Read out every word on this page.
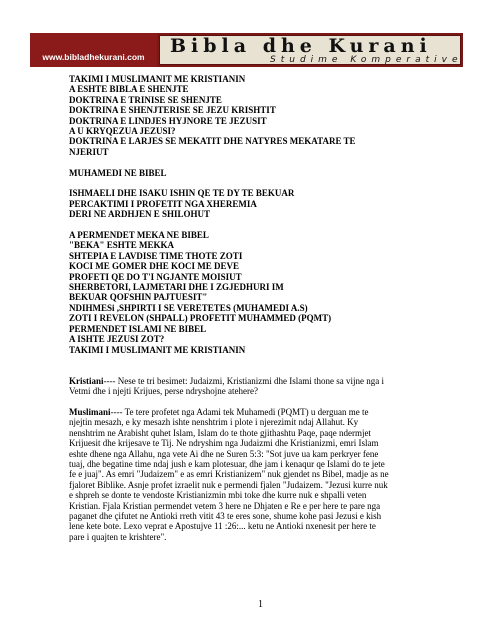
www.bibladhekurani.com Bibla dhe Kurani
Studime Komperative
TAKIMI I MUSLIMANIT ME KRISTIANIN
A ESHTE BIBLA E SHENJTE
DOKTRINA E TRINISE SE SHENJTE
DOKTRINA E SHENJTERISE SE JEZU KRISHTIT
DOKTRINA E LINDJES HYJNORE TE JEZUSIT
A U KRYQEZUA JEZUSI?
DOKTRINA E LARJES SE MEKATIT DHE NATYRES MEKATARE TE
NJERIUT
MUHAMEDI NE BIBEL
ISHMAELI DHE ISAKU ISHIN QE TE DY TE BEKUAR
PERCAKTIMI I PROFETIT NGA XHEREMIA
DERI NE ARDHJEN E SHILOHUT
A PERMENDET MEKA NE BIBEL
"BEKA" ESHTE MEKKA
SHTEPIA E LAVDISE TIME THOTE ZOTI
KOCI ME GOMER DHE KOCI ME DEVE
PROFETI QE DO T'I NGJANTE MOISIUT
SHERBETORI, LAJMETARI DHE I ZGJEDHURI IM
BEKUAR QOFSHIN PAJTUESIT"
NDIHMESi ,SHPIRTI I SE VERETETES (MUHAMEDI A.S)
ZOTI I REVELON (SHPALL) PROFETIT MUHAMMED (PQMT)
PERMENDET ISLAMI NE BIBEL
A ISHTE JEZUSI ZOT?
TAKIMI I MUSLIMANIT ME KRISTIANIN
Kristiani---- Nese te tri besimet: Judaizmi, Kristianizmi dhe Islami thone sa vijne nga i
Vetmi dhe i njejti Krijues, perse ndryshojne atehere?
Muslimani---- Te tere profetet nga Adami tek Muhamedi (PQMT) u derguan me te
njejtin mesazh, e ky mesazh ishte nenshtrim i plote i njerezimit ndaj Allahut. Ky
nenshtrim ne Arabisht quhet Islam, Islam do te thote gjithashtu Paqe, paqe ndermjet
Krijuesit dhe krijesave te Tij. Ne ndryshim nga Judaizmi dhe Kristianizmi, emri Islam
eshte dhene nga Allahu, nga vete Ai dhe ne Suren 5:3: "Sot juve ua kam perkryer fene
tuaj, dhe begatine time ndaj jush e kam plotesuar, dhe jam i kenaqur qe Islami do te jete
fe e juaj". As emri "Judaizem" e as emri Kristianizem" nuk gjendet ns Bibel, madje as ne
fjaloret Biblike. Asnje profet izraelit nuk e permendi fjalen "Judaizem. "Jezusi kurre nuk
e shpreh se donte te vendoste Kristianizmin mbi toke dhe kurre nuk e shpalli veten
Kristian. Fjala Kristian permendet vetem 3 here ne Dhjaten e Re e per here te pare nga
paganet dhe çifutet ne Antioki rreth vitit 43 te eres sone, shume kohe pasi Jezusi e kish
lene kete bote. Lexo veprat e Apostujve 11 :26:... ketu ne Antioki nxenesit per here te
pare i quajten te krishtere".
1
